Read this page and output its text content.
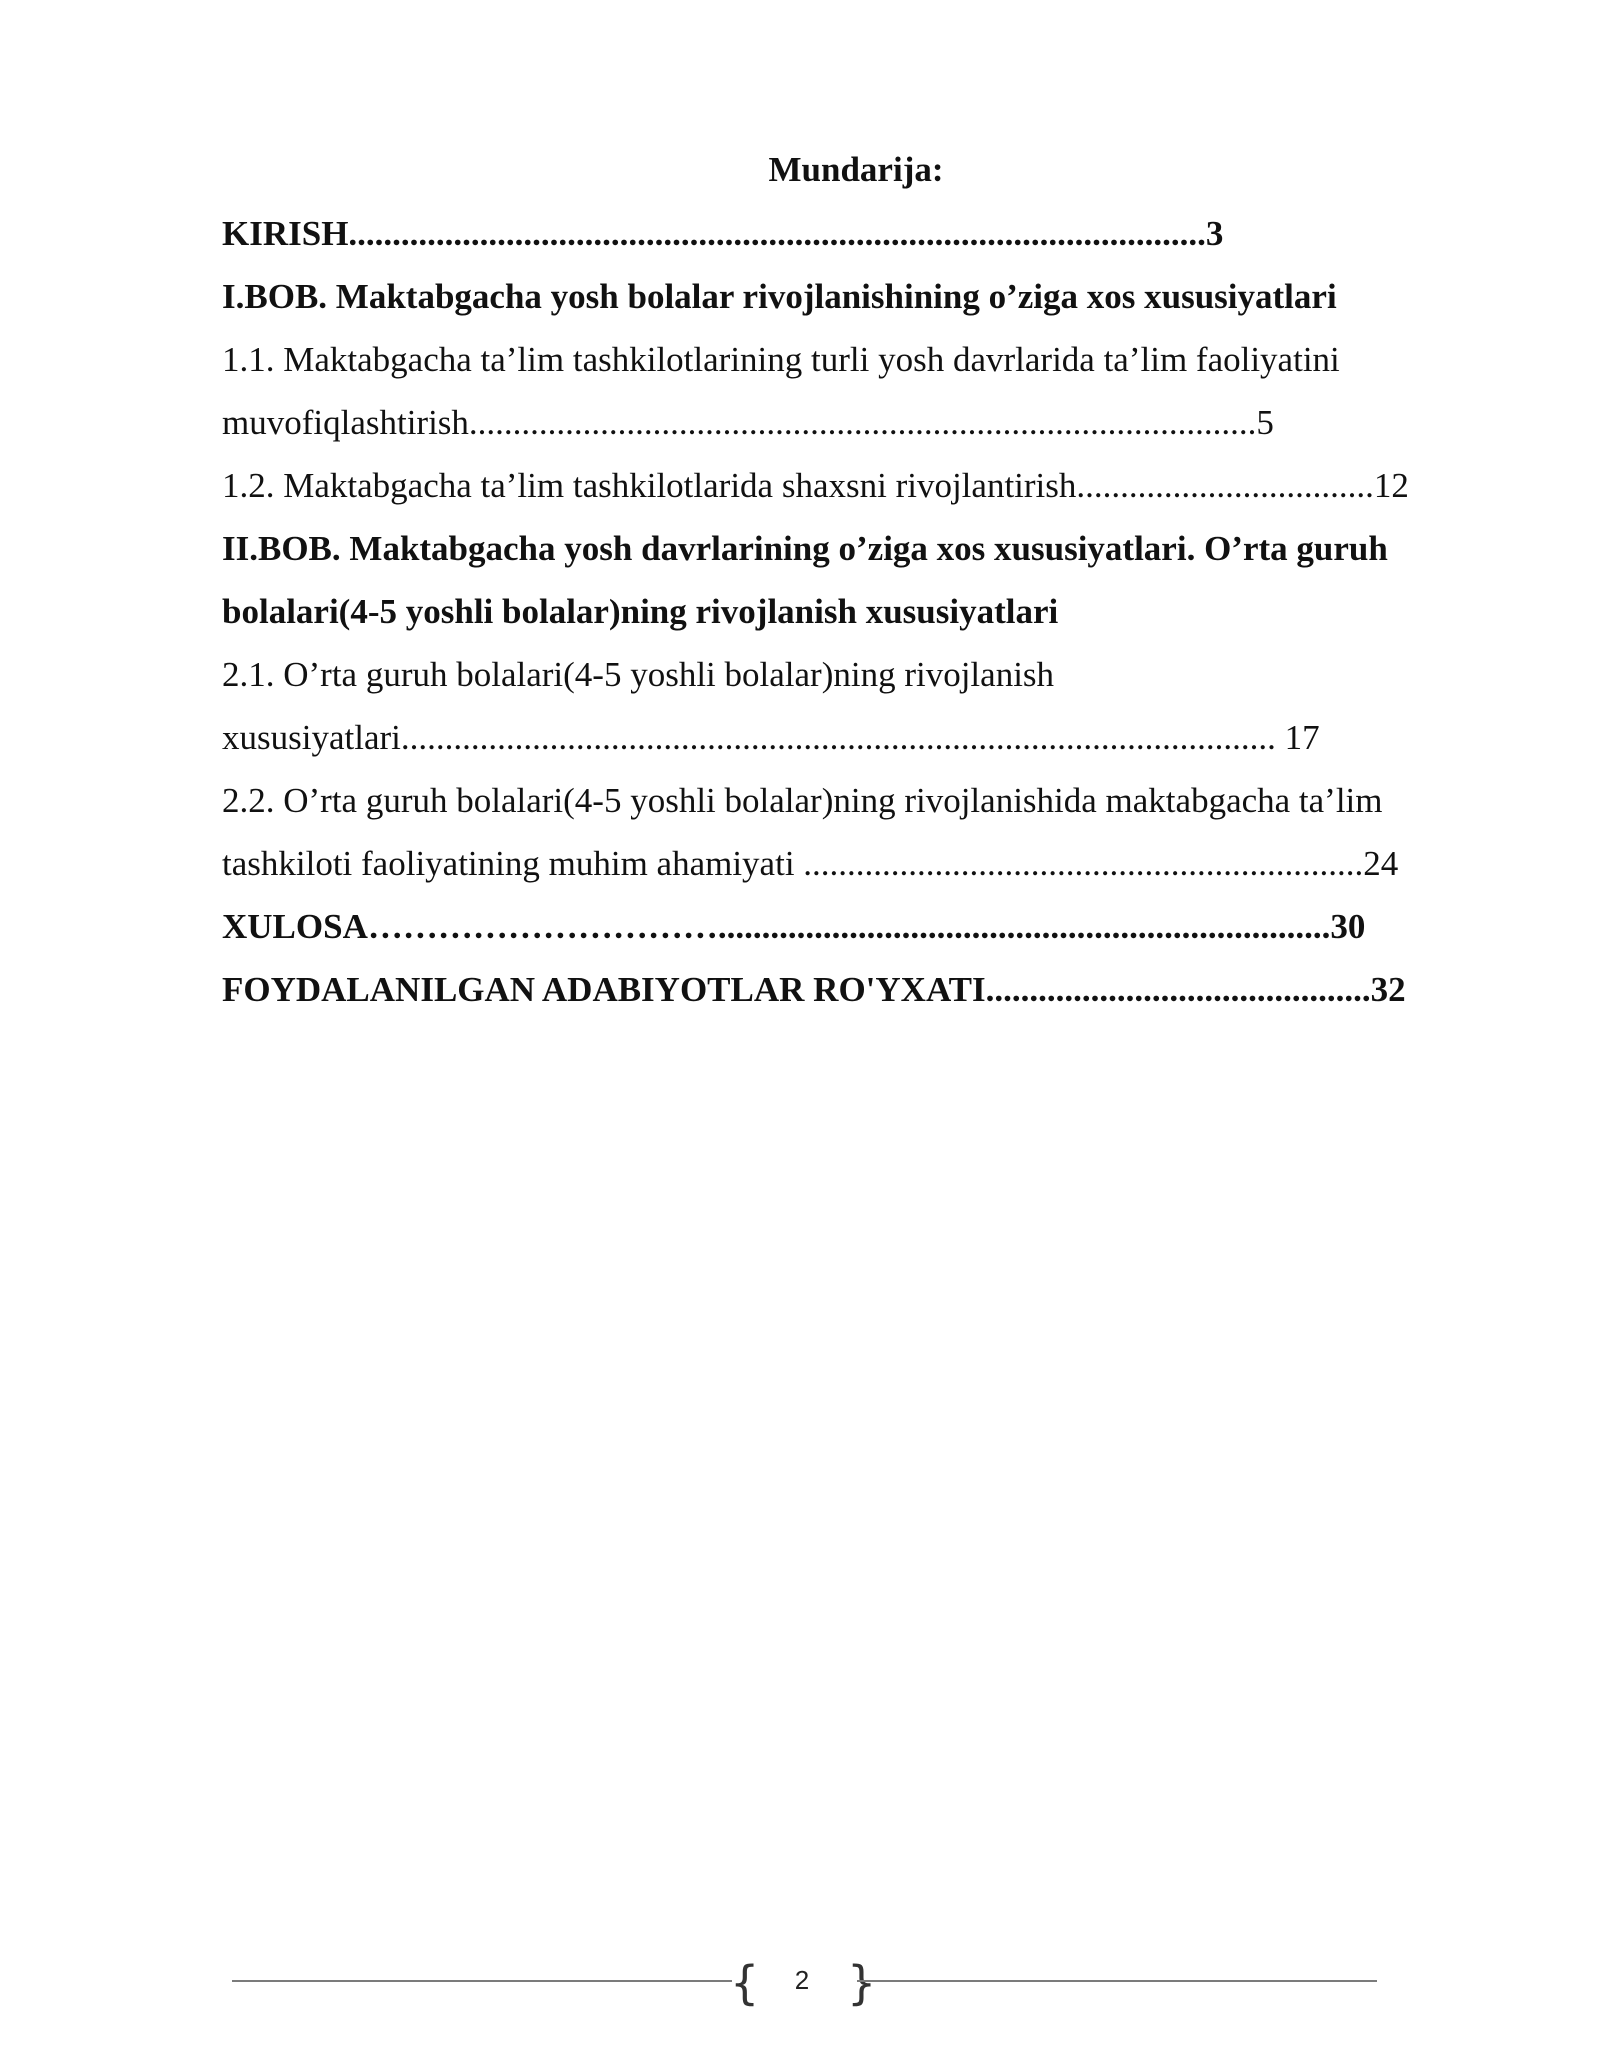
Mundarija:
KIRISH..................................................................................................3
I.BOB. Maktabgacha yosh bolalar rivojlanishining o’ziga xos xususiyatlari
1.1. Maktabgacha ta’lim tashkilotlarining turli yosh davrlarida ta’lim faoliyatini
muvofiqlashtirish..........................................................................................5
1.2. Maktabgacha ta’lim tashkilotlarida shaxsni rivojlantirish..................................12
II.BOB. Maktabgacha yosh davrlarining o’ziga xos xususiyatlari. O’rta guruh
bolalari(4-5 yoshli bolalar)ning rivojlanish xususiyatlari
2.1. O’rta guruh bolalari(4-5 yoshli bolalar)ning rivojlanish
xususiyatlari.................................................................................................... 17
2.2. O’rta guruh bolalari(4-5 yoshli bolalar)ning rivojlanishida maktabgacha ta’lim
tashkiloti faoliyatining muhim ahamiyati ................................................................24
XULOSA…………………………......................................................................30
FOYDALANILGAN ADABIYOTLAR RO'YXATI............................................32
{	2 }
